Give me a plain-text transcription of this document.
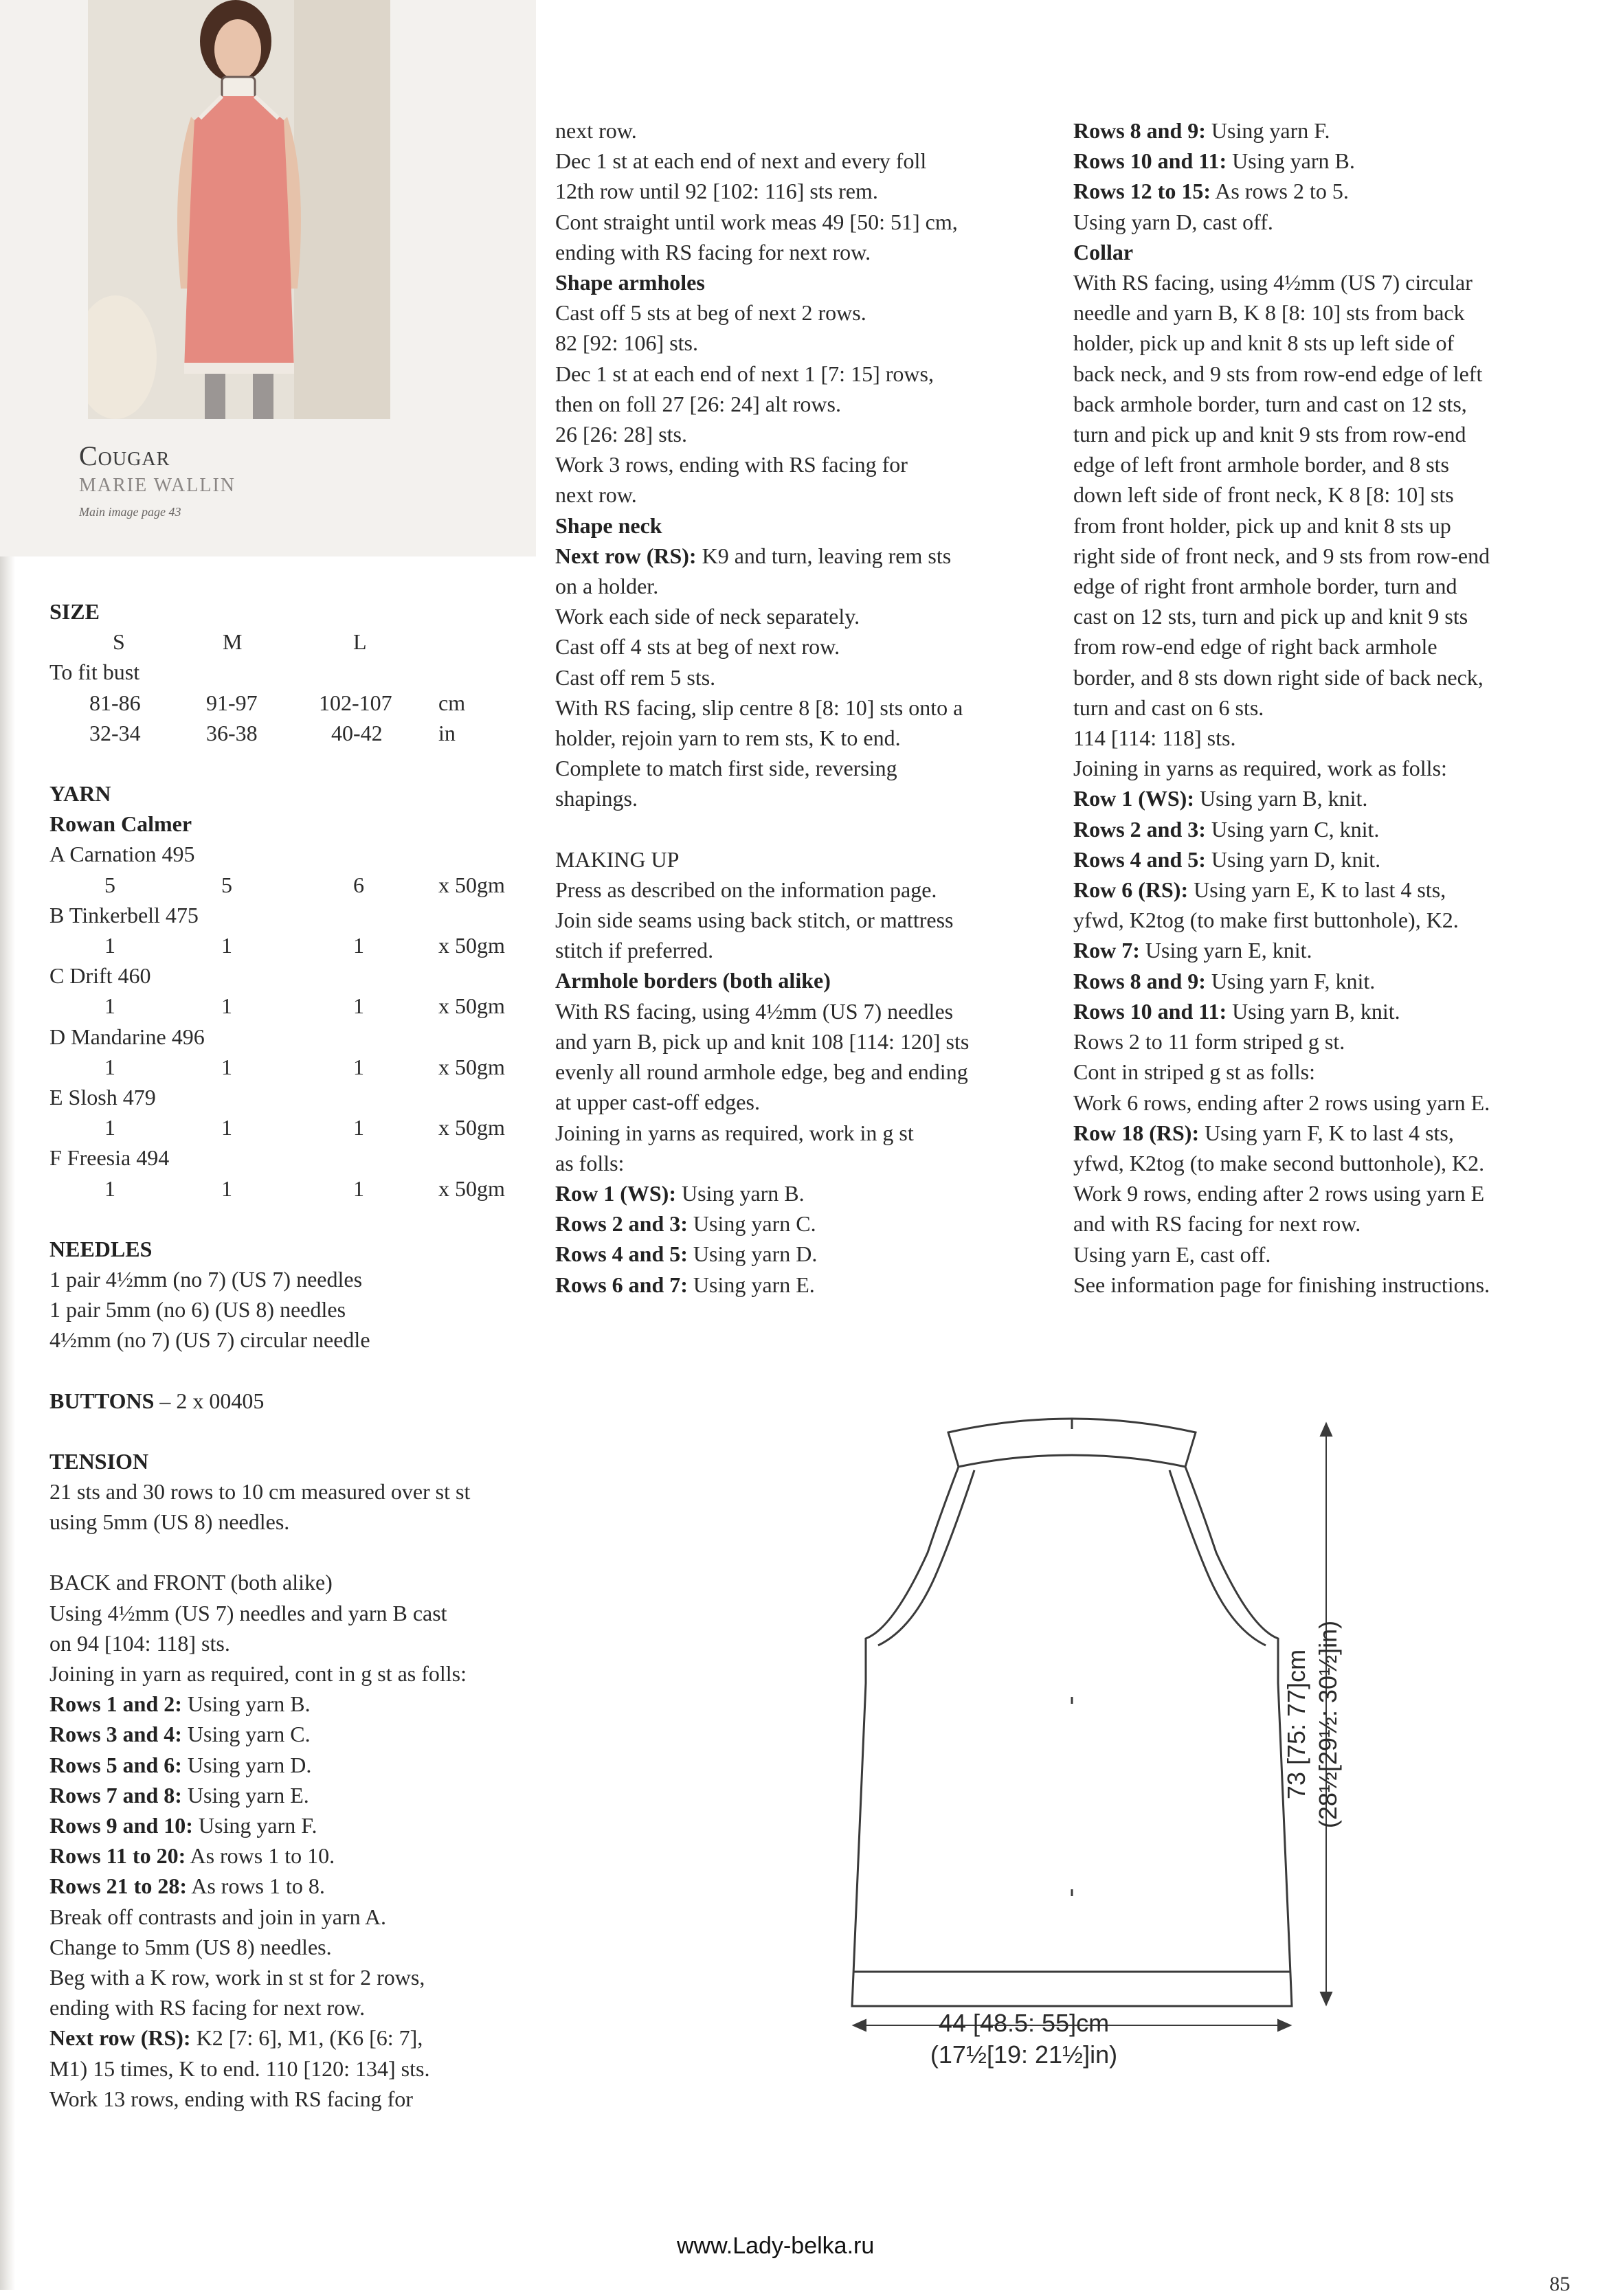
Cougar
MARIE WALLIN
Main image page 43
SIZE
S	M	L
To fit bust
81-86	91-97	102-107 cm
32-34	36-38	40-42	in
YARN
Rowan Calmer
A Carnation 495
5	5	6	x 50gm
B Tinkerbell 475
1	1	1	x 50gm
C Drift 460
1	1	1	x 50gm
D Mandarine 496
1	1	1	x 50gm
E Slosh 479
1	1	1	x 50gm
F Freesia 494
1	1	1	x 50gm
NEEDLES
1 pair 4½mm (no 7) (US 7) needles
1 pair 5mm (no 6) (US 8) needles
4½mm (no 7) (US 7) circular needle
BUTTONS – 2 x 00405
TENSION
21 sts and 30 rows to 10 cm measured over st st
using 5mm (US 8) needles.
BACK and FRONT (both alike)
Using 4½mm (US 7) needles and yarn B cast
on 94 [104: 118] sts.
Joining in yarn as required, cont in g st as folls:
Rows 1 and 2: Using yarn B.
Rows 3 and 4: Using yarn C.
Rows 5 and 6: Using yarn D.
Rows 7 and 8: Using yarn E.
Rows 9 and 10: Using yarn F.
Rows 11 to 20: As rows 1 to 10.
Rows 21 to 28: As rows 1 to 8.
Break off contrasts and join in yarn A.
Change to 5mm (US 8) needles.
Beg with a K row, work in st st for 2 rows,
ending with RS facing for next row.
Next row (RS): K2 [7: 6], M1, (K6 [6: 7],
M1) 15 times, K to end. 110 [120: 134] sts.
Work 13 rows, ending with RS facing for
next row.
Dec 1 st at each end of next and every foll
12th row until 92 [102: 116] sts rem.
Cont straight until work meas 49 [50: 51] cm,
ending with RS facing for next row.
Shape armholes
Cast off 5 sts at beg of next 2 rows.
82 [92: 106] sts.
Dec 1 st at each end of next 1 [7: 15] rows,
then on foll 27 [26: 24] alt rows.
26 [26: 28] sts.
Work 3 rows, ending with RS facing for
next row.
Shape neck
Next row (RS): K9 and turn, leaving rem sts
on a holder.
Work each side of neck separately.
Cast off 4 sts at beg of next row.
Cast off rem 5 sts.
With RS facing, slip centre 8 [8: 10] sts onto a
holder, rejoin yarn to rem sts, K to end.
Complete to match first side, reversing
shapings.
MAKING UP
Press as described on the information page.
Join side seams using back stitch, or mattress
stitch if preferred.
Armhole borders (both alike)
With RS facing, using 4½mm (US 7) needles
and yarn B, pick up and knit 108 [114: 120] sts
evenly all round armhole edge, beg and ending
at upper cast-off edges.
Joining in yarns as required, work in g st
as folls:
Row 1 (WS): Using yarn B.
Rows 2 and 3: Using yarn C.
Rows 4 and 5: Using yarn D.
Rows 6 and 7: Using yarn E.
Rows 8 and 9: Using yarn F.
Rows 10 and 11: Using yarn B.
Rows 12 to 15: As rows 2 to 5.
Using yarn D, cast off.
Collar
With RS facing, using 4½mm (US 7) circular
needle and yarn B, K 8 [8: 10] sts from back
holder, pick up and knit 8 sts up left side of
back neck, and 9 sts from row-end edge of left
back armhole border, turn and cast on 12 sts,
turn and pick up and knit 9 sts from row-end
edge of left front armhole border, and 8 sts
down left side of front neck, K 8 [8: 10] sts
from front holder, pick up and knit 8 sts up
right side of front neck, and 9 sts from row-end
edge of right front armhole border, turn and
cast on 12 sts, turn and pick up and knit 9 sts
from row-end edge of right back armhole
border, and 8 sts down right side of back neck,
turn and cast on 6 sts.
114 [114: 118] sts.
Joining in yarns as required, work as folls:
Row 1 (WS): Using yarn B, knit.
Rows 2 and 3: Using yarn C, knit.
Rows 4 and 5: Using yarn D, knit.
Row 6 (RS): Using yarn E, K to last 4 sts,
yfwd, K2tog (to make first buttonhole), K2.
Row 7: Using yarn E, knit.
Rows 8 and 9: Using yarn F, knit.
Rows 10 and 11: Using yarn B, knit.
Rows 2 to 11 form striped g st.
Cont in striped g st as folls:
Work 6 rows, ending after 2 rows using yarn E.
Row 18 (RS): Using yarn F, K to last 4 sts,
yfwd, K2tog (to make second buttonhole), K2.
Work 9 rows, ending after 2 rows using yarn E
and with RS facing for next row.
Using yarn E, cast off.
See information page for finishing instructions.
44 [48.5: 55]cm
(17½[19: 21½]in)
73 [75: 77]cm (28½[29½: 30½]in)
www.Lady-belka.ru
85
